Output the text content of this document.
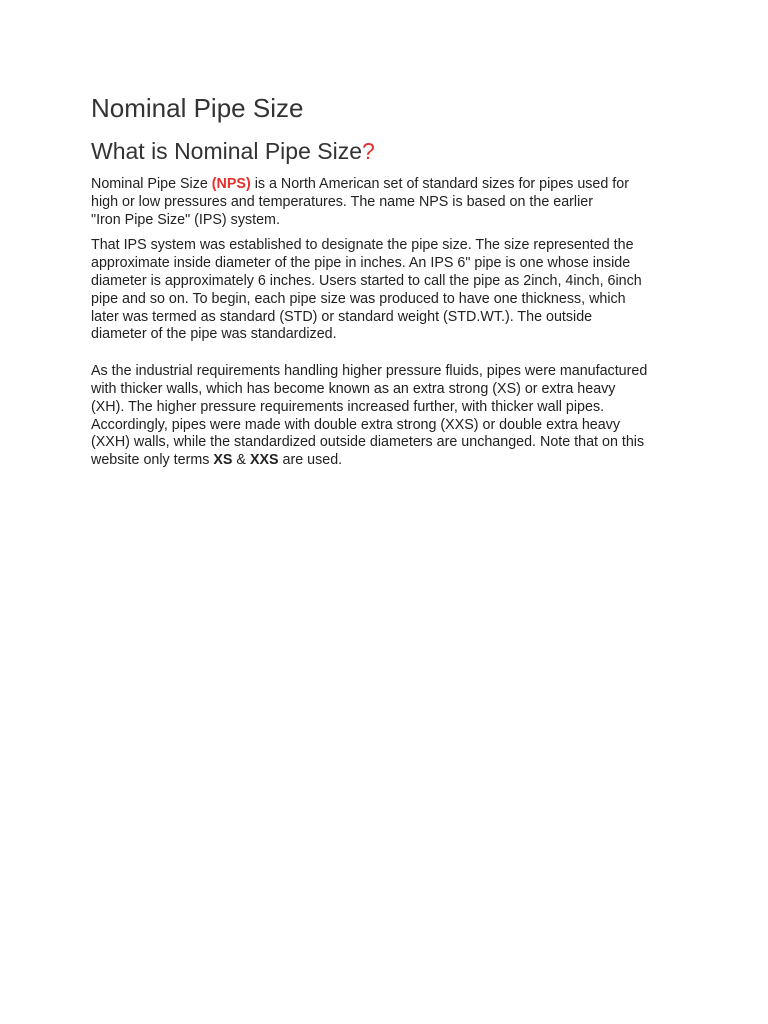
Nominal Pipe Size
What is Nominal Pipe Size?

Nominal Pipe Size (NPS) is a North American set of standard sizes for pipes used for
high or low pressures and temperatures. The name NPS is based on the earlier
"Iron Pipe Size" (IPS) system.

That IPS system was established to designate the pipe size. The size represented the
approximate inside diameter of the pipe in inches. An IPS 6" pipe is one whose inside
diameter is approximately 6 inches. Users started to call the pipe as 2inch, 4inch, 6inch
pipe and so on. To begin, each pipe size was produced to have one thickness, which
later was termed as standard (STD) or standard weight (STD.WT.). The outside
diameter of the pipe was standardized.

As the industrial requirements handling higher pressure fluids, pipes were manufactured
with thicker walls, which has become known as an extra strong (XS) or extra heavy
(XH). The higher pressure requirements increased further, with thicker wall pipes.
Accordingly, pipes were made with double extra strong (XXS) or double extra heavy
(XXH) walls, while the standardized outside diameters are unchanged. Note that on this
website only terms XS & XXS are used.
